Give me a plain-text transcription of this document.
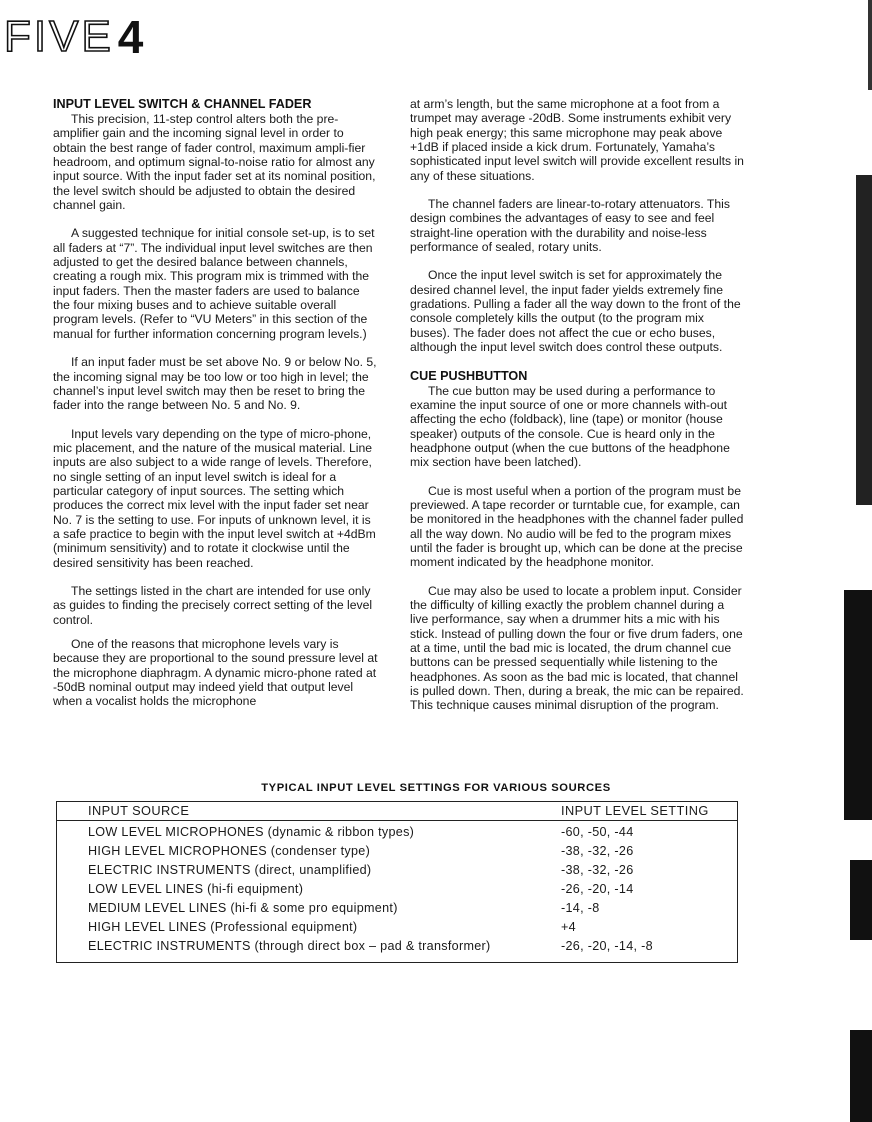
FIVE 4
INPUT LEVEL SWITCH & CHANNEL FADER

This precision, 11-step control alters both the pre-amplifier gain and the incoming signal level in order to obtain the best range of fader control, maximum ampli-fier headroom, and optimum signal-to-noise ratio for almost any input source. With the input fader set at its nominal position, the level switch should be adjusted to obtain the desired channel gain.

A suggested technique for initial console set-up, is to set all faders at “7”. The individual input level switches are then adjusted to get the desired balance between channels, creating a rough mix. This program mix is trimmed with the input faders. Then the master faders are used to balance the four mixing buses and to achieve suitable overall program levels. (Refer to “VU Meters” in this section of the manual for further information concerning program levels.)

If an input fader must be set above No. 9 or below No. 5, the incoming signal may be too low or too high in level; the channel’s input level switch may then be reset to bring the fader into the range between No. 5 and No. 9.

Input levels vary depending on the type of micro-phone, mic placement, and the nature of the musical material. Line inputs are also subject to a wide range of levels. Therefore, no single setting of an input level switch is ideal for a particular category of input sources. The setting which produces the correct mix level with the input fader set near No. 7 is the setting to use. For inputs of unknown level, it is a safe practice to begin with the input level switch at +4dBm (minimum sensitivity) and to rotate it clockwise until the desired sensitivity has been reached.

The settings listed in the chart are intended for use only as guides to finding the precisely correct setting of the level control.

One of the reasons that microphone levels vary is because they are proportional to the sound pressure level at the microphone diaphragm. A dynamic micro-phone rated at -50dB nominal output may indeed yield that output level when a vocalist holds the microphone

at arm’s length, but the same microphone at a foot from a trumpet may average -20dB. Some instruments exhibit very high peak energy; this same microphone may peak above +1dB if placed inside a kick drum. Fortunately, Yamaha’s sophisticated input level switch will provide excellent results in any of these situations.

The channel faders are linear-to-rotary attenuators. This design combines the advantages of easy to see and feel straight-line operation with the durability and noise-less performance of sealed, rotary units.

Once the input level switch is set for approximately the desired channel level, the input fader yields extremely fine gradations. Pulling a fader all the way down to the front of the console completely kills the output (to the program mix buses). The fader does not affect the cue or echo buses, although the input level switch does control these outputs.

CUE PUSHBUTTON

The cue button may be used during a performance to examine the input source of one or more channels with-out affecting the echo (foldback), line (tape) or monitor (house speaker) outputs of the console. Cue is heard only in the headphone output (when the cue buttons of the headphone mix section have been latched).

Cue is most useful when a portion of the program must be previewed. A tape recorder or turntable cue, for example, can be monitored in the headphones with the channel fader pulled all the way down. No audio will be fed to the program mixes until the fader is brought up, which can be done at the precise moment indicated by the headphone monitor.

Cue may also be used to locate a problem input. Consider the difficulty of killing exactly the problem channel during a live performance, say when a drummer hits a mic with his stick. Instead of pulling down the four or five drum faders, one at a time, until the bad mic is located, the drum channel cue buttons can be pressed sequentially while listening to the headphones. As soon as the bad mic is located, that channel is pulled down. Then, during a break, the mic can be repaired. This technique causes minimal disruption of the program.

TYPICAL INPUT LEVEL SETTINGS FOR VARIOUS SOURCES
INPUT SOURCE	INPUT LEVEL SETTING
LOW LEVEL MICROPHONES (dynamic & ribbon types)	-60, -50, -44
HIGH LEVEL MICROPHONES (condenser type)	-38, -32, -26
ELECTRIC INSTRUMENTS (direct, unamplified)	-38, -32, -26
LOW LEVEL LINES (hi-fi equipment)	-26, -20, -14
MEDIUM LEVEL LINES (hi-fi & some pro equipment)	-14, -8
HIGH LEVEL LINES (Professional equipment)	+4
ELECTRIC INSTRUMENTS (through direct box – pad & transformer)	-26, -20, -14, -8
